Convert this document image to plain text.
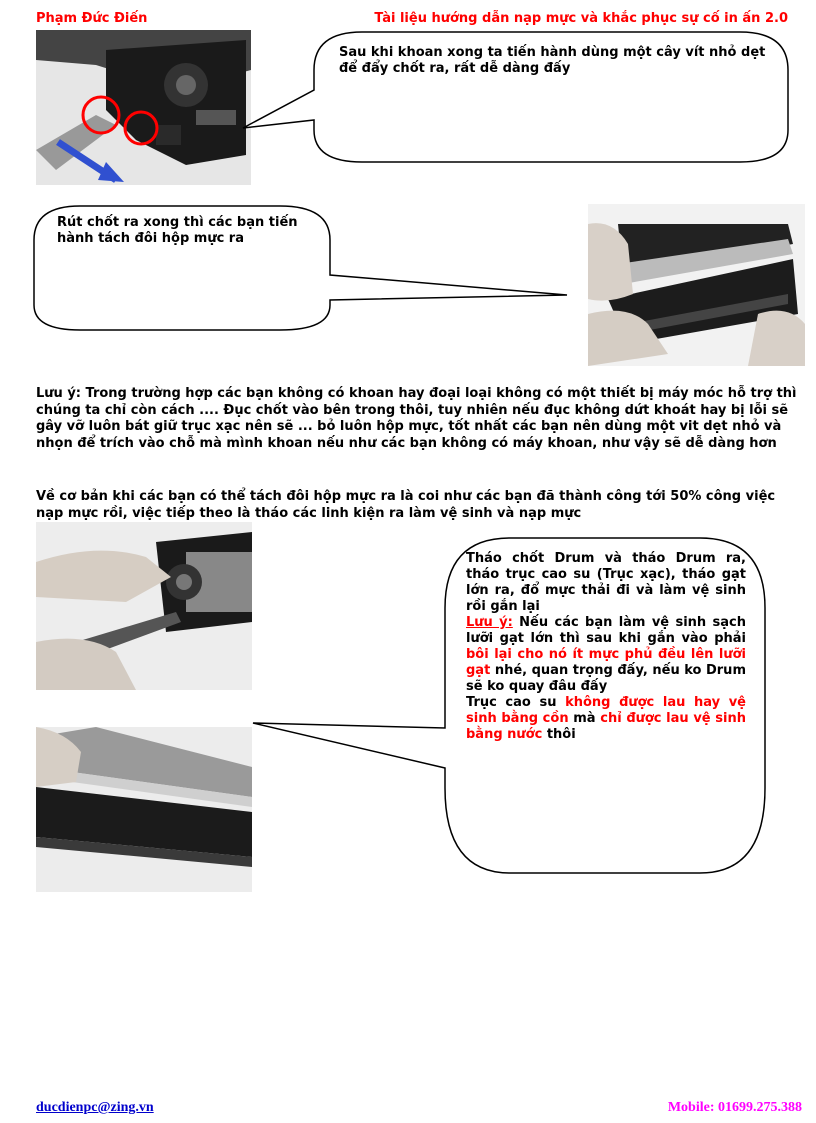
Phạm Đức Điến	Tài liệu hướng dẫn nạp mực và khắc phục sự cố in ấn 2.0
Sau khi khoan xong ta tiến hành dùng một cây vít nhỏ dẹt để đẩy chốt ra, rất dễ dàng đấy
Rút chốt ra xong thì các bạn tiến hành tách đôi hộp mực ra
Lưu ý: Trong trường hợp các bạn không có khoan hay đoại loại không có một thiết bị máy móc hỗ trợ thì chúng ta chỉ còn cách .... Đục chốt vào bên trong thôi, tuy nhiên nếu đục không dứt khoát hay bị lỗi sẽ gây vỡ luôn bát giữ trục xạc nên sẽ ... bỏ luôn hộp mực, tốt nhất các bạn nên dùng một vit dẹt nhỏ và nhọn để trích vào chỗ mà mình khoan nếu như các bạn không có máy khoan, như vậy sẽ dễ dàng hơn
Về cơ bản khi các bạn có thể tách đôi hộp mực ra là coi như các bạn đã thành công tới 50% công việc nạp mực rồi, việc tiếp theo là tháo các linh kiện ra làm vệ sinh và nạp mực
Tháo chốt Drum và tháo Drum ra, tháo trục cao su (Trục xạc), tháo gạt lớn ra, đổ mực thải đi và làm vệ sinh rồi gắn lại
Lưu ý: Nếu các bạn làm vệ sinh sạch lưỡi gạt lớn thì sau khi gắn vào phải bôi lại cho nó ít mực phủ đều lên lưỡi gạt nhé, quan trọng đấy, nếu ko Drum sẽ ko quay đâu đấy
Trục cao su không được lau hay vệ sinh bằng cồn mà chỉ được lau vệ sinh bằng nước thôi
ducdienpc@zing.vn	Mobile: 01699.275.388
